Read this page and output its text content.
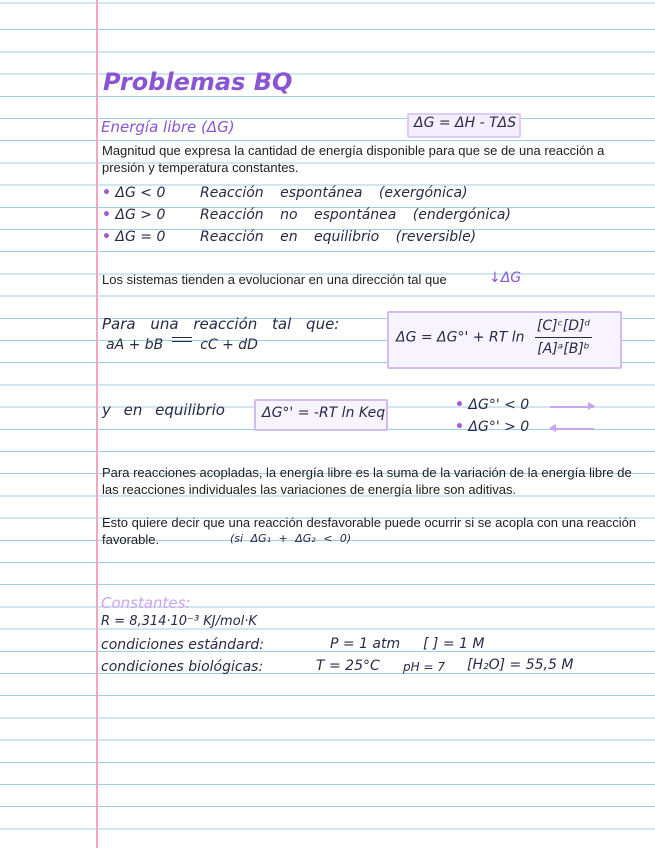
Problemas BQ
Energía libre (ΔG)	ΔG = ΔH - TΔS
Magnitud que expresa la cantidad de energía disponible para que se de una reacción a presión y temperatura constantes.
• ΔG < 0 Reacción espontánea (exergónica)
• ΔG > 0 Reacción no espontánea (endergónica)
• ΔG = 0 Reacción en equilibrio (reversible)
Los sistemas tienden a evolucionar en una dirección tal que	↓ΔG
Para una reacción tal que:
aA + bB	cC + dD	ΔG = ΔG°' + RT $\ln \frac{\text{[C]ᶜ[D]ᵈ}}{\text{[A]ᵃ[B]ᵇ}}$
y en equilibrio	ΔG°' = -RT ln Keq	• ΔG°' < 0
• ΔG°' > 0
Para reacciones acopladas, la energía libre es la suma de la variación de la energía libre de las reacciones individuales las variaciones de energía libre son aditivas.
Esto quiere decir que una reacción desfavorable puede ocurrir si se acopla con una reacción favorable.	(si ΔG₁ + ΔG₂ < 0)
Constantes:
R = 8,314·10⁻³ KJ/mol·K
condiciones estándard:	P = 1 atm [ ] = 1 M
condiciones biológicas:	T = 25°C pH = 7 [H₂O] = 55,5 M
